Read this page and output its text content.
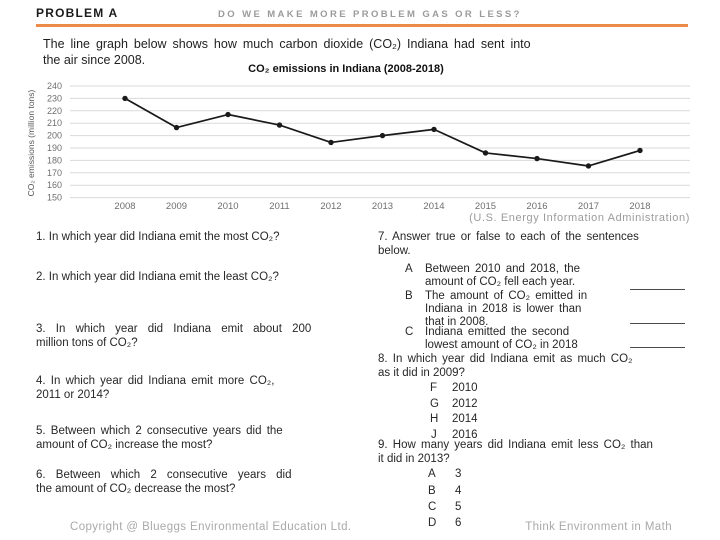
PROBLEM A	DO WE MAKE MORE PROBLEM GAS OR LESS?
The line graph below shows how much carbon dioxide (CO₂) Indiana had sent into
the air since 2008.
CO₂ emissions in Indiana (2008-2018)
240
230
220
210
200
190
180
170
160
150
2008	2009	2010	2011	2012	2013	2014	2015	2016	2017	2018
CO₂ emissions (million tons)
(U.S. Energy Information Administration)
1. In which year did Indiana emit the most CO₂?
2. In which year did Indiana emit the least CO₂?
3. In which year did Indiana emit about 200
million tons of CO₂?
4. In which year did Indiana emit more CO₂,
2011 or 2014?
5. Between which 2 consecutive years did the
amount of CO₂ increase the most?
6. Between which 2 consecutive years did
the amount of CO₂ decrease the most?
7. Answer true or false to each of the sentences
below.
A Between 2010 and 2018, the
amount of CO₂ fell each year.
B The amount of CO₂ emitted in
Indiana in 2018 is lower than
that in 2008.
C Indiana emitted the second
lowest amount of CO₂ in 2018
8. In which year did Indiana emit as much CO₂
as it did in 2009?
F 2010
G 2012
H 2014
J 2016
9. How many years did Indiana emit less CO₂ than
it did in 2013?
A 3
B 4
C 5
D 6
Copyright @ Blueggs Environmental Education Ltd.	Think Environment in Math
